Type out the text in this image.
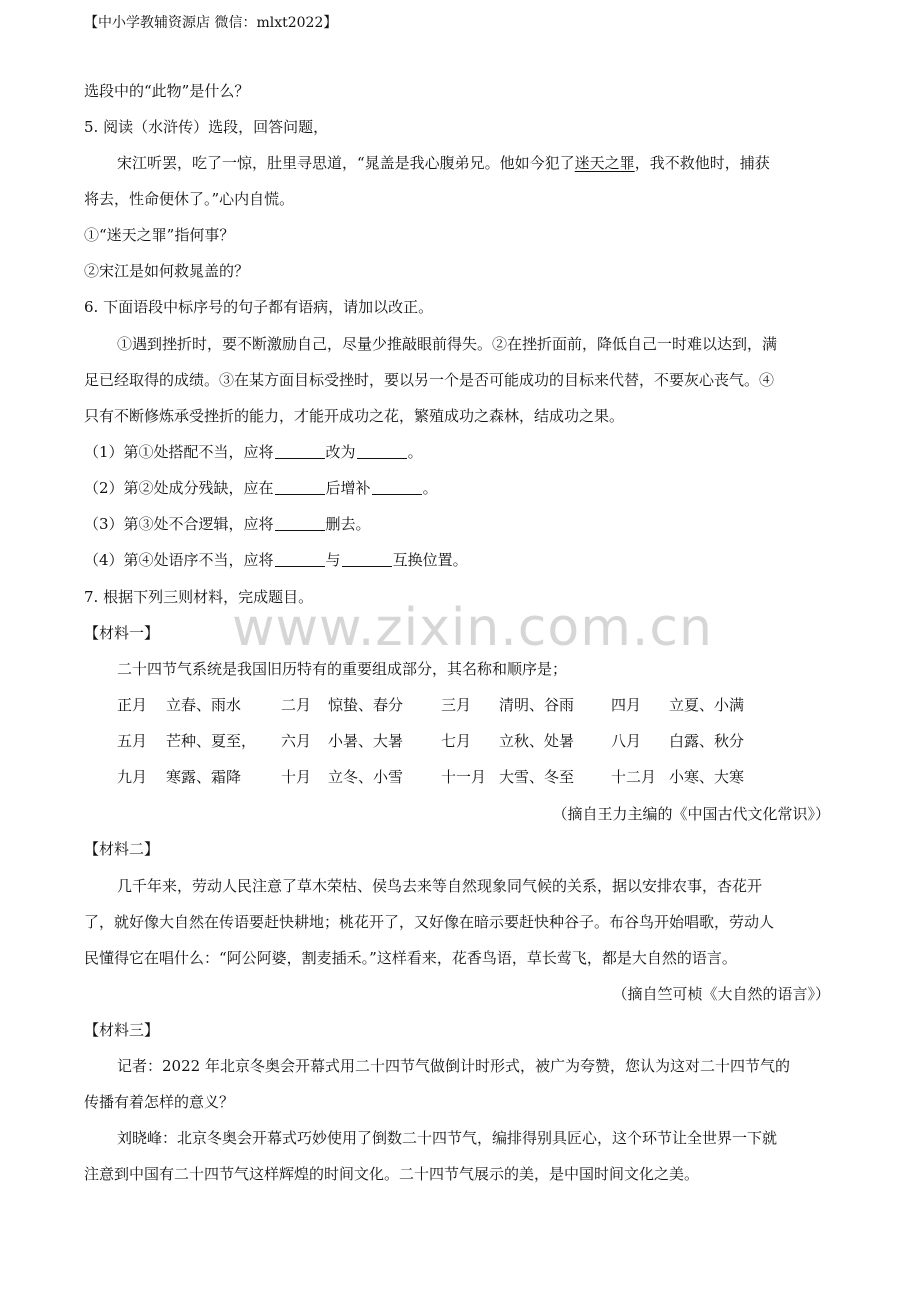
【中小学教辅资源店 微信：mlxt2022】
www.zixin.com.cn
选段中的“此物”是什么？
5. 阅读（水浒传）选段，回答问题，
宋江听罢，吃了一惊，肚里寻思道，“晁盖是我心腹弟兄。他如今犯了迷天之罪，我不救他时，捕获
将去，性命便休了。”心内自慌。
①“迷天之罪”指何事？
②宋江是如何救晁盖的？
6. 下面语段中标序号的句子都有语病，请加以改正。
①遇到挫折时，要不断激励自己，尽量少推敲眼前得失。②在挫折面前，降低自己一时难以达到，满
足已经取得的成绩。③在某方面目标受挫时，要以另一个是否可能成功的目标来代替，不要灰心丧气。④
只有不断修炼承受挫折的能力，才能开成功之花，繁殖成功之森林，结成功之果。
（1）第①处搭配不当，应将	改为	。
（2）第②处成分残缺，应在	后增补	。
（3）第③处不合逻辑，应将	删去。
（4）第④处语序不当，应将	与	互换位置。
7. 根据下列三则材料，完成题目。
【材料一】
二十四节气系统是我国旧历特有的重要组成部分，其名称和顺序是；
正月 立春、雨水	二月 惊蛰、春分	三月 清明、谷雨 四月 立夏、小满
五月 芒种、夏至， 六月 小暑、大暑	七月 立秋、处暑 八月 白露、秋分
九月 寒露、霜降	十月 立冬、小雪	十一月 大雪、冬至 十二月 小寒、大寒
（摘自王力主编的《中国古代文化常识》）
【材料二】
几千年来，劳动人民注意了草木荣枯、侯鸟去来等自然现象同气候的关系，据以安排农事，杏花开
了，就好像大自然在传语要赶快耕地；桃花开了，又好像在暗示要赶快种谷子。布谷鸟开始唱歌，劳动人
民懂得它在唱什么：“阿公阿婆，割麦插禾。”这样看来，花香鸟语，草长莺飞，都是大自然的语言。
（摘自竺可桢《大自然的语言》）
【材料三】
记者：2022 年北京冬奥会开幕式用二十四节气做倒计时形式，被广为夸赞，您认为这对二十四节气的
传播有着怎样的意义？
刘晓峰：北京冬奥会开幕式巧妙使用了倒数二十四节气，编排得别具匠心，这个环节让全世界一下就
注意到中国有二十四节气这样辉煌的时间文化。二十四节气展示的美，是中国时间文化之美。
